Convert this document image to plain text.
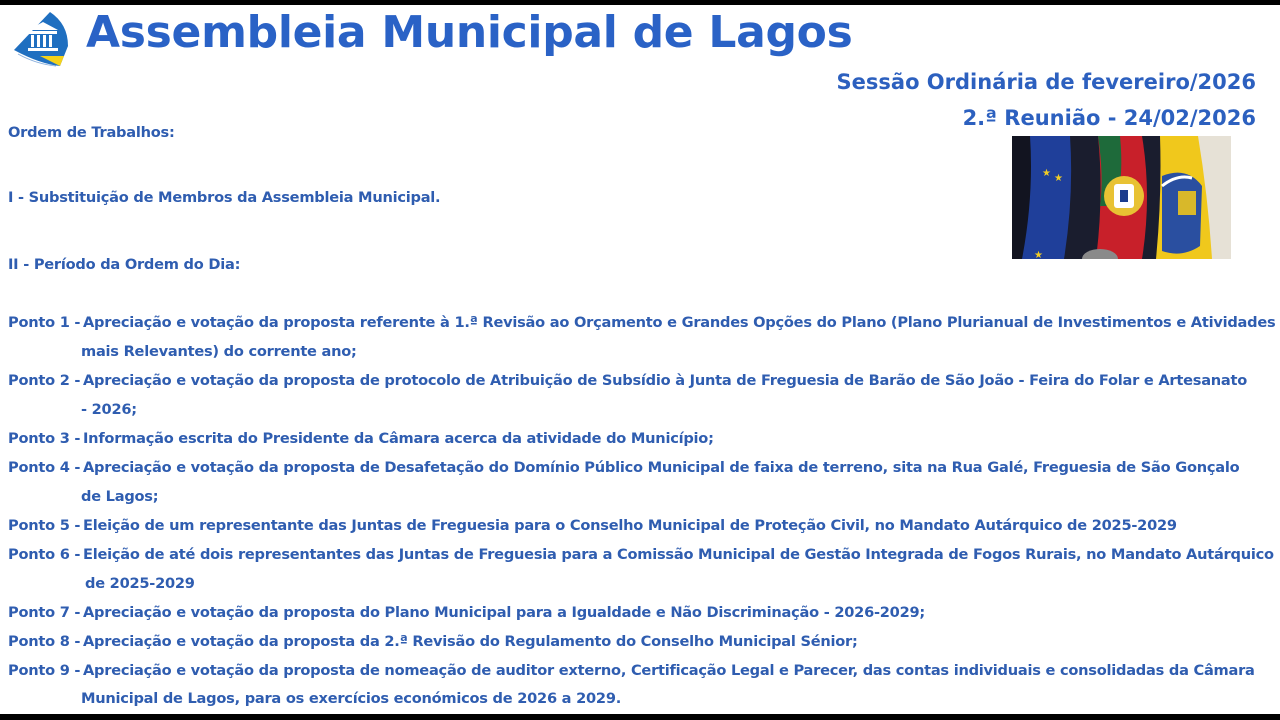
Assembleia Municipal de Lagos
Sessão Ordinária de fevereiro/2026
2.ª Reunião - 24/02/2026
★ ★
★
Ordem de Trabalhos:
I - Substituição de Membros da Assembleia Municipal.
II - Período da Ordem do Dia:
Ponto 1 - Apreciação e votação da proposta referente à 1.ª Revisão ao Orçamento e Grandes Opções do Plano (Plano Plurianual de Investimentos e Atividades
mais Relevantes) do corrente ano;
Ponto 2 - Apreciação e votação da proposta de protocolo de Atribuição de Subsídio à Junta de Freguesia de Barão de São João - Feira do Folar e Artesanato
- 2026;
Ponto 3 - Informação escrita do Presidente da Câmara acerca da atividade do Município;
Ponto 4 - Apreciação e votação da proposta de Desafetação do Domínio Público Municipal de faixa de terreno, sita na Rua Galé, Freguesia de São Gonçalo
de Lagos;
Ponto 5 - Eleição de um representante das Juntas de Freguesia para o Conselho Municipal de Proteção Civil, no Mandato Autárquico de 2025-2029
Ponto 6 - Eleição de até dois representantes das Juntas de Freguesia para a Comissão Municipal de Gestão Integrada de Fogos Rurais, no Mandato Autárquico
de 2025-2029
Ponto 7 - Apreciação e votação da proposta do Plano Municipal para a Igualdade e Não Discriminação - 2026-2029;
Ponto 8 - Apreciação e votação da proposta da 2.ª Revisão do Regulamento do Conselho Municipal Sénior;
Ponto 9 - Apreciação e votação da proposta de nomeação de auditor externo, Certificação Legal e Parecer, das contas individuais e consolidadas da Câmara
Municipal de Lagos, para os exercícios económicos de 2026 a 2029.
